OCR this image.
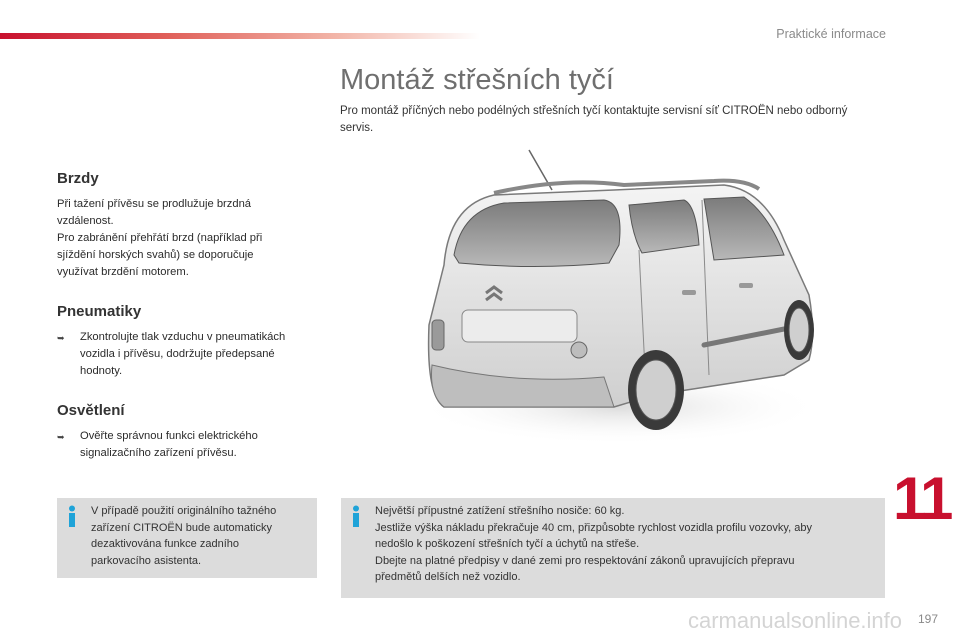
Praktické informace
Montáž střešních tyčí
Pro montáž příčných nebo podélných střešních tyčí kontaktujte servisní síť CITROËN nebo odborný servis.
Brzdy

Při tažení přívěsu se prodlužuje brzdná
vzdálenost.
Pro zabránění přehřátí brzd (například při
sjíždění horských svahů) se doporučuje
využívat brzdění motorem.

Pneumatiky
➥	Zkontrolujte tlak vzduchu v pneumatikách vozidla i přívěsu, dodržujte předepsané hodnoty.
Osvětlení
➥	Ověřte správnou funkci elektrického signalizačního zařízení přívěsu.
V případě použití originálního tažného
zařízení CITROËN bude automaticky
dezaktivována funkce zadního
parkovacího asistenta.
Největší přípustné zatížení střešního nosiče: 60 kg.
Jestliže výška nákladu překračuje 40 cm, přizpůsobte rychlost vozidla profilu vozovky, aby
nedošlo k poškození střešních tyčí a úchytů na střeše.
Dbejte na platné předpisy v dané zemi pro respektování zákonů upravujících přepravu
předmětů delších než vozidlo.
11
carmanualsonline.info 197
